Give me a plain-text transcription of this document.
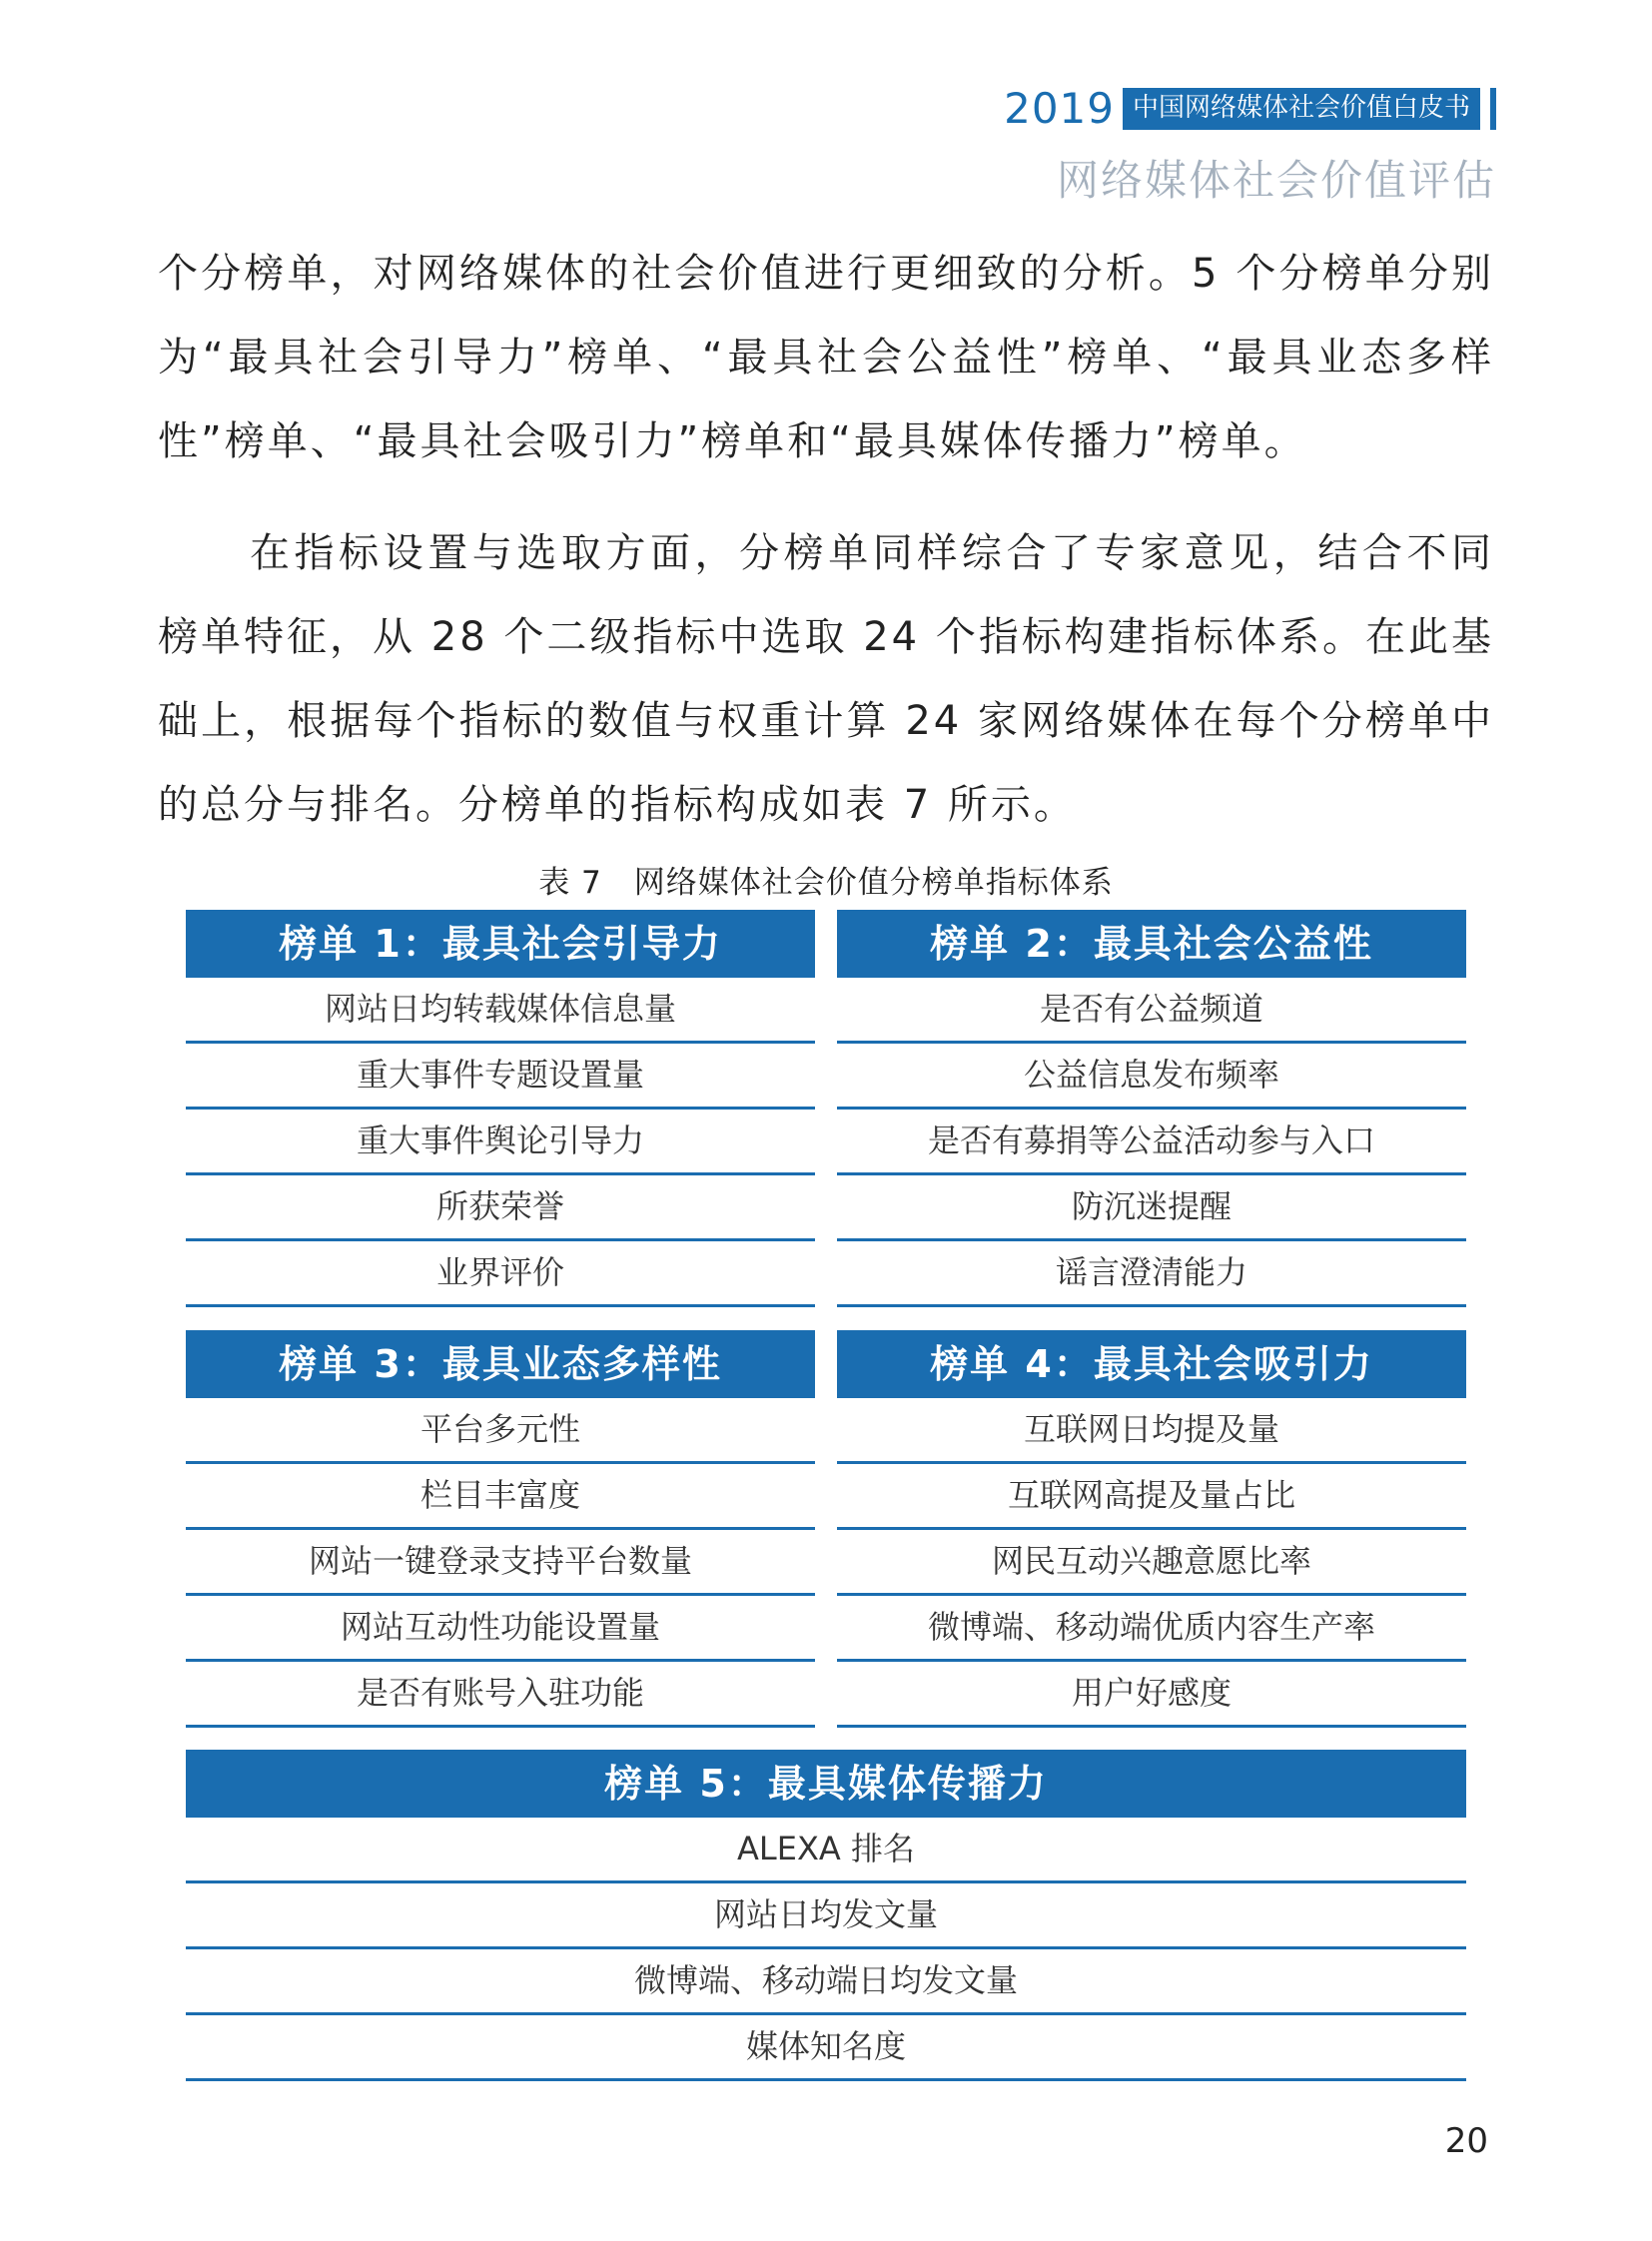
2019 中国网络媒体社会价值白皮书
网络媒体社会价值评估

个分榜单，对网络媒体的社会价值进行更细致的分析。5 个分榜单分别为“最具社会引导力”榜单、“最具社会公益性”榜单、“最具业态多样性”榜单、“最具社会吸引力”榜单和“最具媒体传播力”榜单。

在指标设置与选取方面，分榜单同样综合了专家意见，结合不同榜单特征，从 28 个二级指标中选取 24 个指标构建指标体系。在此基础上，根据每个指标的数值与权重计算 24 家网络媒体在每个分榜单中的总分与排名。分榜单的指标构成如表 7 所示。

表 7　网络媒体社会价值分榜单指标体系
榜单 1：最具社会引导力
网站日均转载媒体信息量
重大事件专题设置量
重大事件舆论引导力
所获荣誉
业界评价
榜单 2：最具社会公益性
是否有公益频道
公益信息发布频率
是否有募捐等公益活动参与入口
防沉迷提醒
谣言澄清能力
榜单 3：最具业态多样性
平台多元性
栏目丰富度
网站一键登录支持平台数量
网站互动性功能设置量
是否有账号入驻功能
榜单 4：最具社会吸引力
互联网日均提及量
互联网高提及量占比
网民互动兴趣意愿比率
微博端、移动端优质内容生产率
用户好感度
榜单 5：最具媒体传播力
ALEXA 排名
网站日均发文量
微博端、移动端日均发文量
媒体知名度
20
